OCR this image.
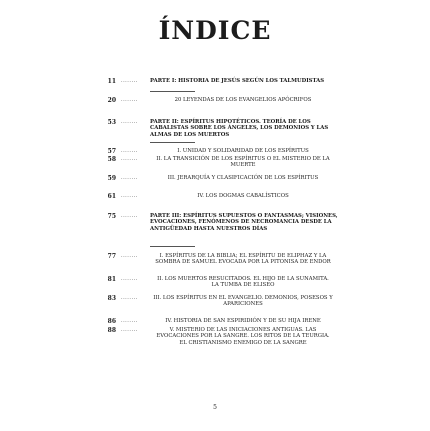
ÍNDICE
11 ........	PARTE I: HISTORIA DE JESÚS SEGÚN LOS TALMUDISTAS
20 ........	20 LEYENDAS DE LOS EVANGELIOS APÓCRIFOS
53 ........	PARTE II: ESPÍRITUS HIPOTÉTICOS. TEORÍA DE LOS CABALISTAS SOBRE LOS ÁNGELES, LOS DEMONIOS Y LAS ALMAS DE LOS MUERTOS
57 ........	I. UNIDAD Y SOLIDARIDAD DE LOS ESPÍRITUS
58 ........	II. LA TRANSICIÓN DE LOS ESPÍRITUS O EL MISTERIO DE LA MUERTE
59 ........	III. JERARQUÍA Y CLASIFICACIÓN DE LOS ESPÍRITUS
61 ........	IV. LOS DOGMAS CABALÍSTICOS
75 ........	PARTE III: ESPÍRITUS SUPUESTOS O FANTASMAS; VISIONES, EVOCACIONES, FENÓMENOS DE NECROMANCIA DESDE LA ANTIGÜEDAD HASTA NUESTROS DÍAS
77 ........	I. ESPÍRITUS DE LA BIBLIA; EL ESPÍRITU DE ELIPHAZ Y LA SOMBRA DE SAMUEL EVOCADA POR LA PITONISA DE ENDOR
81 ........	II. LOS MUERTOS RESUCITADOS. EL HIJO DE LA SUNAMITA. LA TUMBA DE ELISEO
83 ........	III. LOS ESPÍRITUS EN EL EVANGELIO. DEMONIOS, POSESOS Y APARICIONES
86 ........	IV. HISTORIA DE SAN ESPIRIDIÓN Y DE SU HIJA IRENE
88 ........	V. MISTERIO DE LAS INICIACIONES ANTIGUAS. LAS EVOCACIONES POR LA SANGRE. LOS RITOS DE LA TEURGIA. EL CRISTIANISMO ENEMIGO DE LA SANGRE
5
